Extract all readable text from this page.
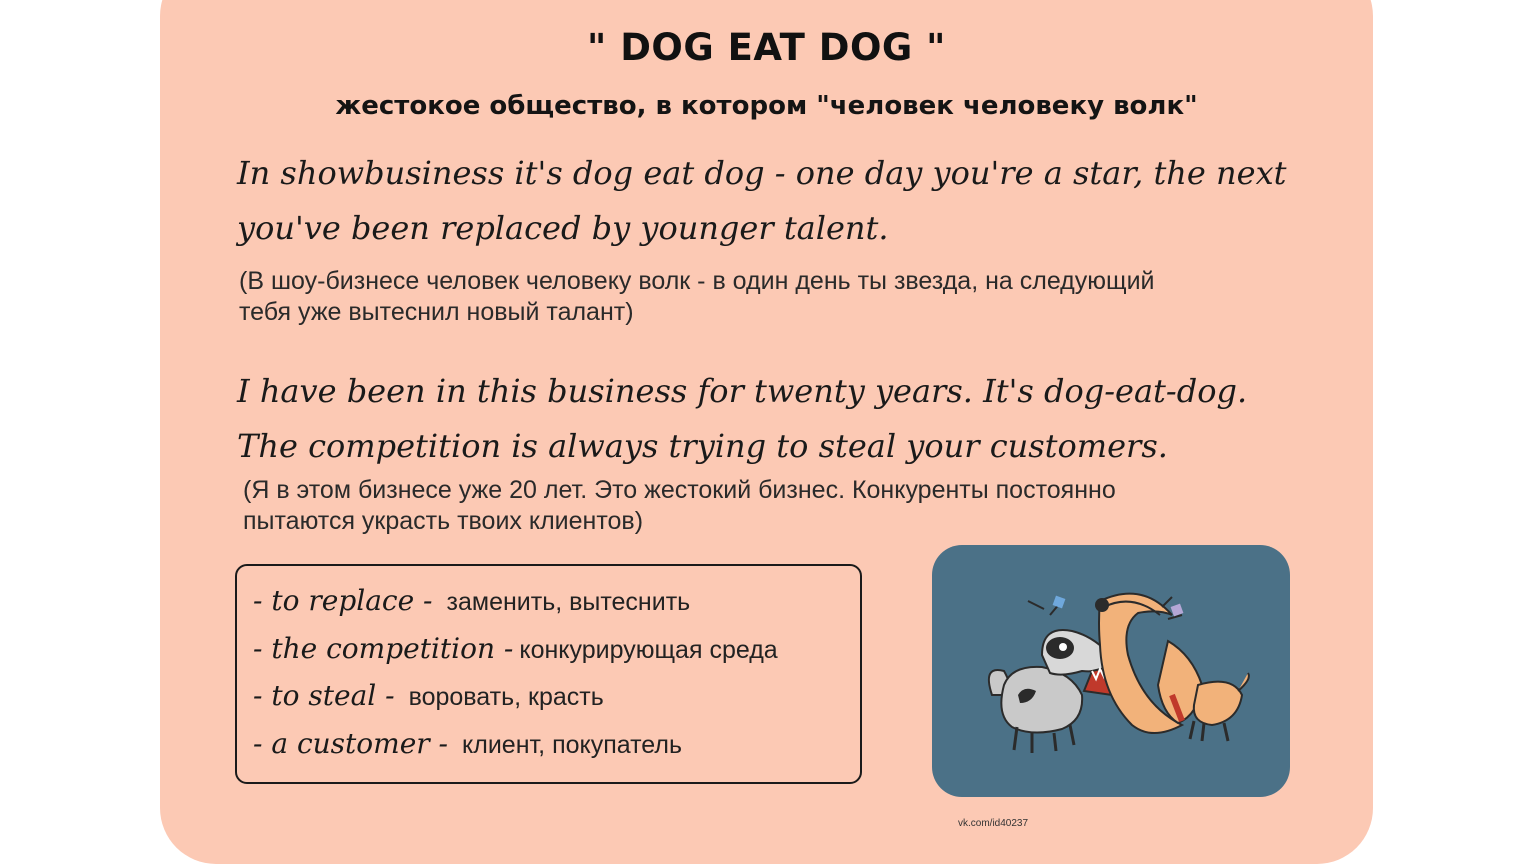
" DOG EAT DOG "
жестокое общество, в котором "человек человеку волк"
In showbusiness it's dog eat dog - one day you're a star, the next
you've been replaced by younger talent.
(В шоу-бизнесе человек человеку волк - в один день ты звезда, на следующий
тебя уже вытеснил новый талант)
I have been in this business for twenty years. It's dog-eat-dog.
The competition is always trying to steal your customers.
(Я в этом бизнесе уже 20 лет. Это жестокий бизнес. Конкуренты постоянно
пытаются украсть твоих клиентов)
- to replace - заменить, вытеснить
- the competition - конкурирующая среда
- to steal - воровать, красть
- a customer - клиент, покупатель
vk.com/id40237
